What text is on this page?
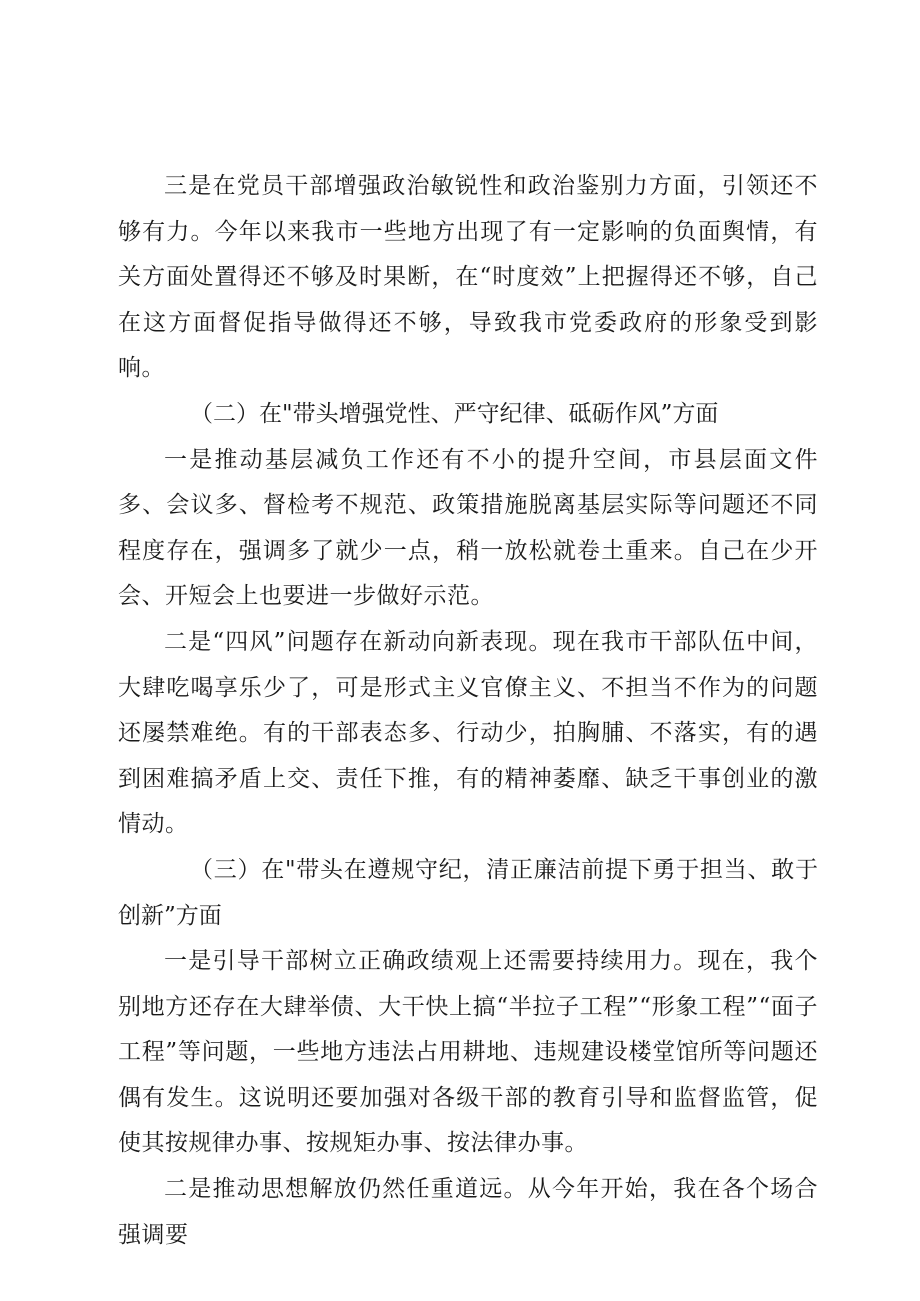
三是在党员干部增强政治敏锐性和政治鉴别力方面，引领还不够有力。今年以来我市一些地方出现了有一定影响的负面舆情，有关方面处置得还不够及时果断，在“时度效”上把握得还不够，自己在这方面督促指导做得还不够，导致我市党委政府的形象受到影响。

（二）在"带头增强党性、严守纪律、砥砺作风”方面

一是推动基层减负工作还有不小的提升空间，市县层面文件多、会议多、督检考不规范、政策措施脱离基层实际等问题还不同程度存在，强调多了就少一点，稍一放松就卷土重来。自己在少开会、开短会上也要进一步做好示范。

二是“四风”问题存在新动向新表现。现在我市干部队伍中间，大肆吃喝享乐少了，可是形式主义官僚主义、不担当不作为的问题还屡禁难绝。有的干部表态多、行动少，拍胸脯、不落实，有的遇到困难搞矛盾上交、责任下推，有的精神萎靡、缺乏干事创业的激情动。

（三）在"带头在遵规守纪，清正廉洁前提下勇于担当、敢于创新”方面

一是引导干部树立正确政绩观上还需要持续用力。现在，我个别地方还存在大肆举债、大干快上搞“半拉子工程”“形象工程”“面子工程”等问题，一些地方违法占用耕地、违规建设楼堂馆所等问题还偶有发生。这说明还要加强对各级干部的教育引导和监督监管，促使其按规律办事、按规矩办事、按法律办事。

二是推动思想解放仍然任重道远。从今年开始，我在各个场合强调要
